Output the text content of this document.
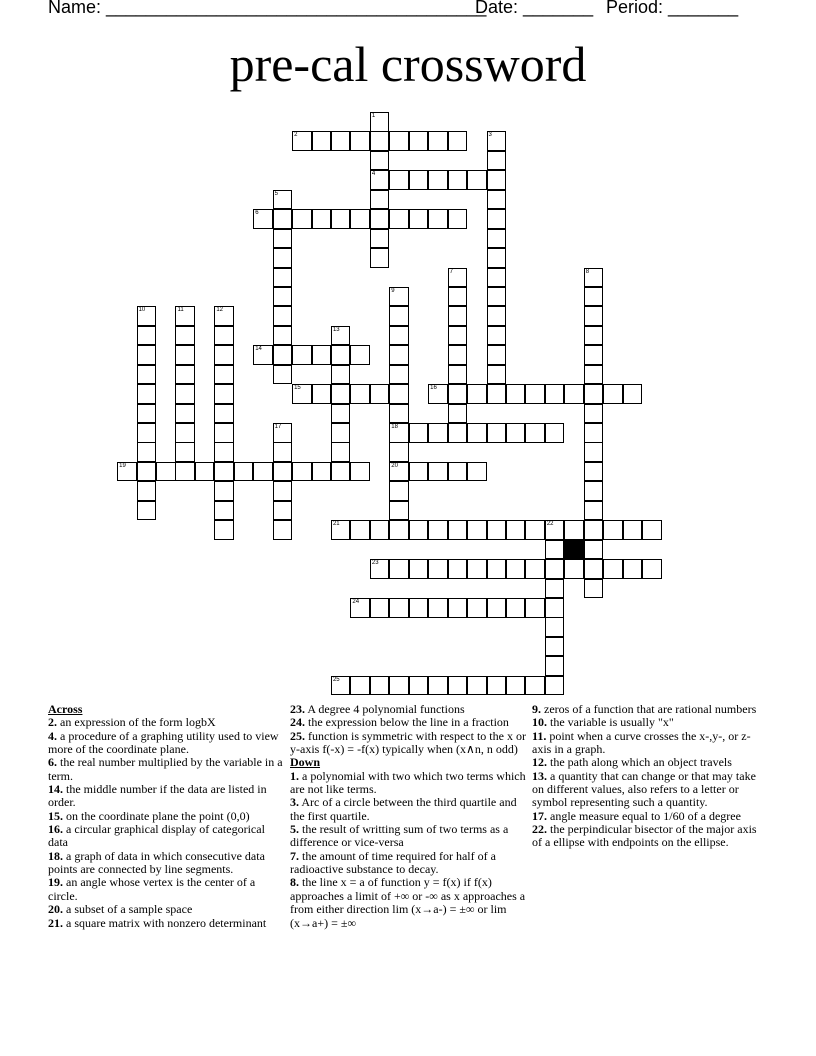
Name: ______________________________________
Date: _______ Period: _______
pre-cal crossword
1
2	3
4
5
6
7	8
9
10	11	12
13
14
15	16
17	18
19	20
21	22
23
24
25
Across
2. an expression of the form logbX
4. a procedure of a graphing utility used to view more of the coordinate plane.
6. the real number multiplied by the variable in a term.
14. the middle number if the data are listed in order.
15. on the coordinate plane the point (0,0)
16. a circular graphical display of categorical data
18. a graph of data in which consecutive data points are connected by line segments.
19. an angle whose vertex is the center of a circle.
20. a subset of a sample space
21. a square matrix with nonzero determinant
23. A degree 4 polynomial functions
24. the expression below the line in a fraction
25. function is symmetric with respect to the x or y-axis f(-x) = -f(x) typically when (x∧n, n odd)
Down
1. a polynomial with two which two terms which are not like terms.
3. Arc of a circle between the third quartile and the first quartile.
5. the result of writting sum of two terms as a difference or vice-versa
7. the amount of time required for half of a radioactive substance to decay.
8. the line x = a of function y = f(x) if f(x) approaches a limit of +∞ or -∞ as x approaches a from either direction lim (x→a-) = ±∞ or lim (x→a+) = ±∞
9. zeros of a function that are rational numbers
10. the variable is usually "x"
11. point when a curve crosses the x-,y-, or z-axis in a graph.
12. the path along which an object travels
13. a quantity that can change or that may take on different values, also refers to a letter or symbol representing such a quantity.
17. angle measure equal to 1/60 of a degree
22. the perpindicular bisector of the major axis of a ellipse with endpoints on the ellipse.
